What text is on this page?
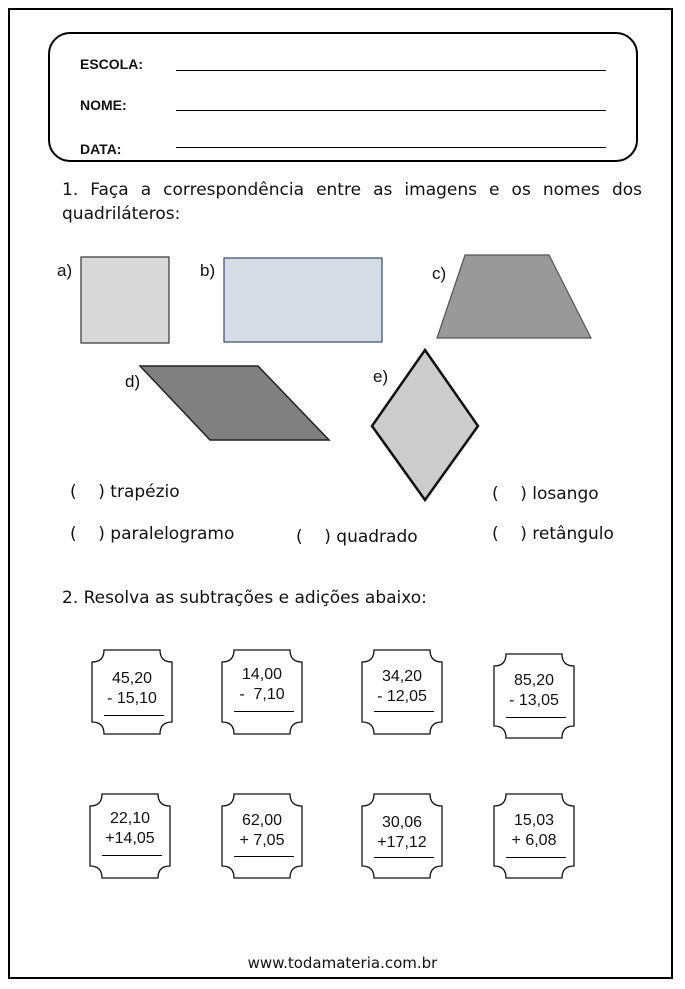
ESCOLA:
NOME:
DATA:
1. Faça a correspondência entre as imagens e os nomes dos quadriláteros:
a)	b)	c)
d)	e)
(    ) trapézio	(    ) losango
(    ) paralelogramo	(    ) quadrado	(    ) retângulo
2. Resolva as subtrações e adições abaixo:
45,20
- 15,10
14,00
-  7,10
34,20
- 12,05
85,20
- 13,05
22,10
+14,05
62,00
+ 7,05
30,06
+17,12
15,03
+ 6,08
www.todamateria.com.br
